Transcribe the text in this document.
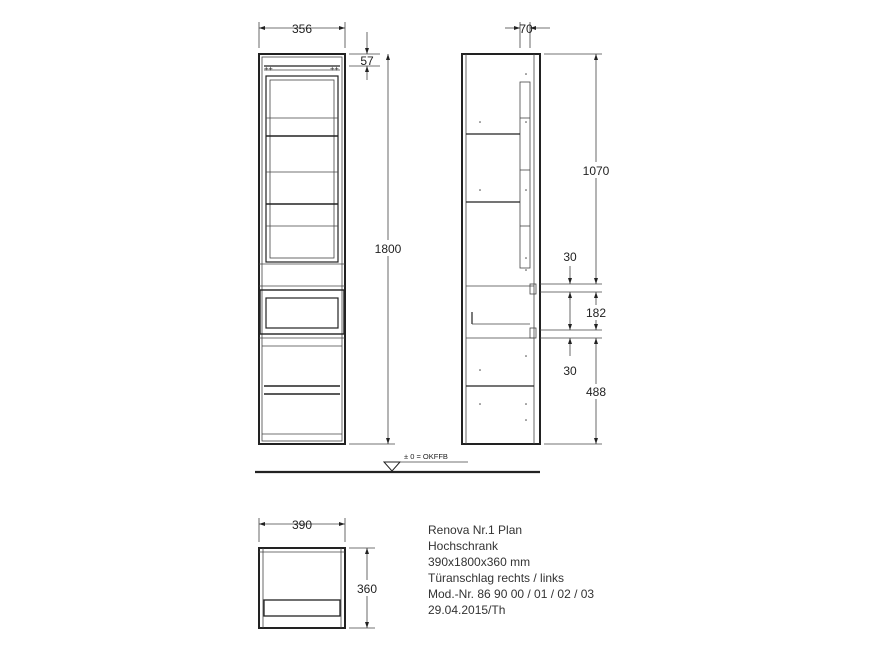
++	++
356
57
1800
± 0 = OKFFB
70
1070
30
182
30
488
390
360
Renova Nr.1 Plan
Hochschrank
390x1800x360 mm
Türanschlag rechts / links
Mod.-Nr. 86 90 00 / 01 / 02 / 03
29.04.2015/Th
